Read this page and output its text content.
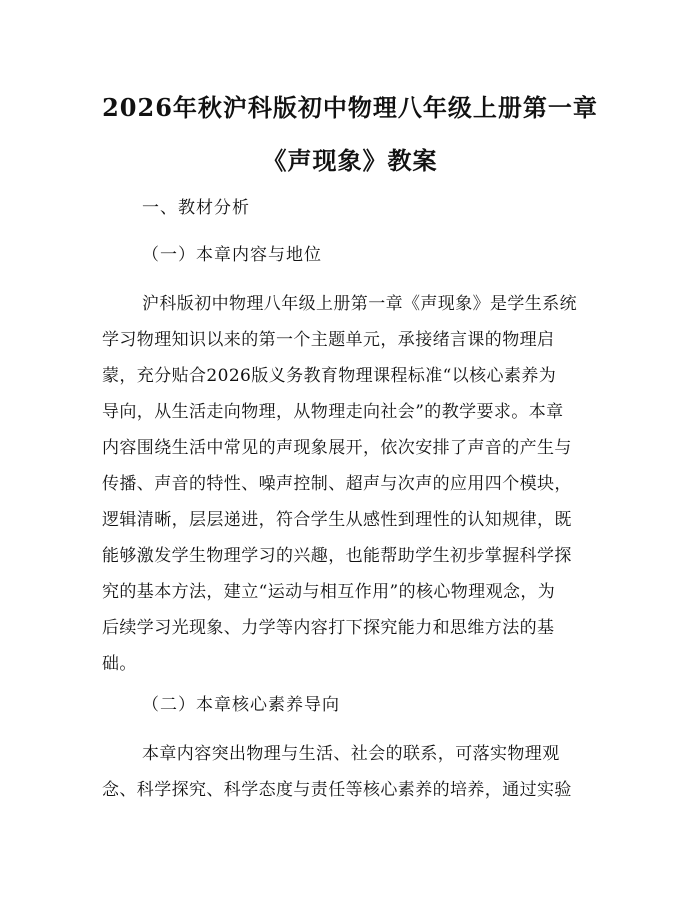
2026年秋沪科版初中物理八年级上册第一章
《声现象》教案
一、教材分析
（一）本章内容与地位
沪科版初中物理八年级上册第一章《声现象》是学生系统
学习物理知识以来的第一个主题单元，承接绪言课的物理启
蒙，充分贴合2026版义务教育物理课程标准“以核心素养为
导向，从生活走向物理，从物理走向社会”的教学要求。本章
内容围绕生活中常见的声现象展开，依次安排了声音的产生与
传播、声音的特性、噪声控制、超声与次声的应用四个模块，
逻辑清晰，层层递进，符合学生从感性到理性的认知规律，既
能够激发学生物理学习的兴趣，也能帮助学生初步掌握科学探
究的基本方法，建立“运动与相互作用”的核心物理观念，为
后续学习光现象、力学等内容打下探究能力和思维方法的基
础。
（二）本章核心素养导向
本章内容突出物理与生活、社会的联系，可落实物理观
念、科学探究、科学态度与责任等核心素养的培养，通过实验
